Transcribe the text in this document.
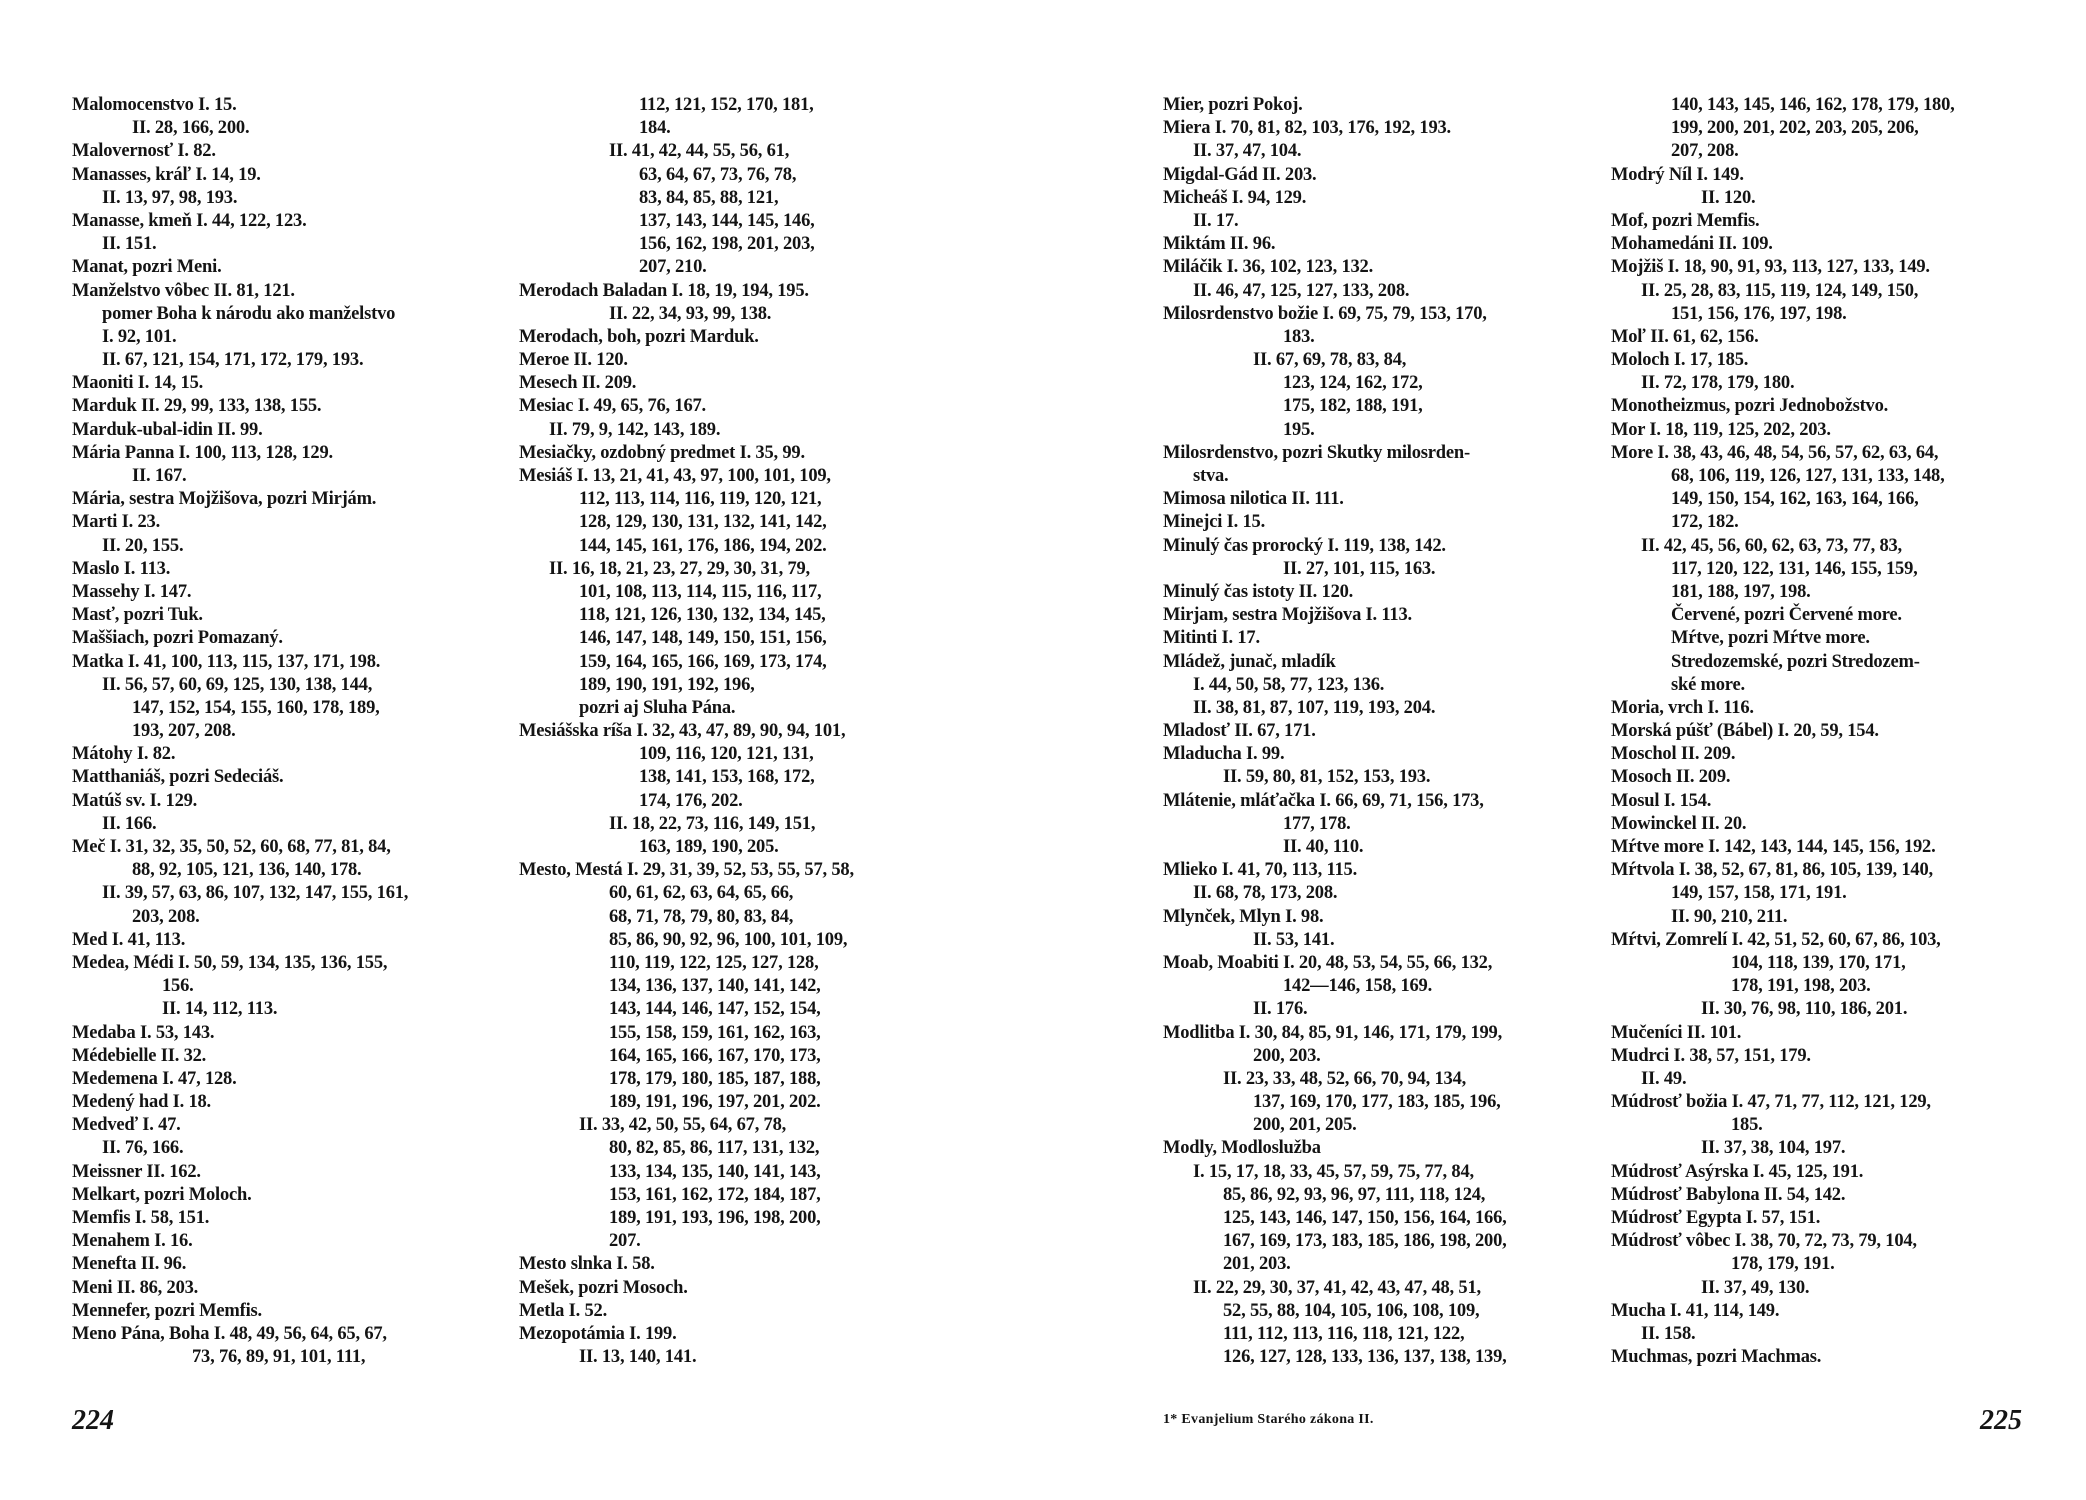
Malomocenstvo I. 15.
II. 28, 166, 200.
Malovernosť I. 82.
Manasses, kráľ I. 14, 19.
II. 13, 97, 98, 193.
Manasse, kmeň I. 44, 122, 123.
II. 151.
Manat, pozri Meni.
Manželstvo vôbec II. 81, 121.
pomer Boha k národu ako manželstvo
I. 92, 101.
II. 67, 121, 154, 171, 172, 179, 193.
Maoniti I. 14, 15.
Marduk II. 29, 99, 133, 138, 155.
Marduk-ubal-idin II. 99.
Mária Panna I. 100, 113, 128, 129.
II. 167.
Mária, sestra Mojžišova, pozri Mirjám.
Marti I. 23.
II. 20, 155.
Maslo I. 113.
Massehy I. 147.
Masť, pozri Tuk.
Maššiach, pozri Pomazaný.
Matka I. 41, 100, 113, 115, 137, 171, 198.
II. 56, 57, 60, 69, 125, 130, 138, 144,
147, 152, 154, 155, 160, 178, 189,
193, 207, 208.
Mátohy I. 82.
Matthaniáš, pozri Sedeciáš.
Matúš sv. I. 129.
II. 166.
Meč I. 31, 32, 35, 50, 52, 60, 68, 77, 81, 84,
88, 92, 105, 121, 136, 140, 178.
II. 39, 57, 63, 86, 107, 132, 147, 155, 161,
203, 208.
Med I. 41, 113.
Medea, Médi I. 50, 59, 134, 135, 136, 155,
156.
II. 14, 112, 113.
Medaba I. 53, 143.
Médebielle II. 32.
Medemena I. 47, 128.
Medený had I. 18.
Medveď I. 47.
II. 76, 166.
Meissner II. 162.
Melkart, pozri Moloch.
Memfis I. 58, 151.
Menahem I. 16.
Menefta II. 96.
Meni II. 86, 203.
Mennefer, pozri Memfis.
Meno Pána, Boha I. 48, 49, 56, 64, 65, 67,
73, 76, 89, 91, 101, 111,
112, 121, 152, 170, 181,
184.
II. 41, 42, 44, 55, 56, 61,
63, 64, 67, 73, 76, 78,
83, 84, 85, 88, 121,
137, 143, 144, 145, 146,
156, 162, 198, 201, 203,
207, 210.
Merodach Baladan I. 18, 19, 194, 195.
II. 22, 34, 93, 99, 138.
Merodach, boh, pozri Marduk.
Meroe II. 120.
Mesech II. 209.
Mesiac I. 49, 65, 76, 167.
II. 79, 9, 142, 143, 189.
Mesiačky, ozdobný predmet I. 35, 99.
Mesiáš I. 13, 21, 41, 43, 97, 100, 101, 109,
112, 113, 114, 116, 119, 120, 121,
128, 129, 130, 131, 132, 141, 142,
144, 145, 161, 176, 186, 194, 202.
II. 16, 18, 21, 23, 27, 29, 30, 31, 79,
101, 108, 113, 114, 115, 116, 117,
118, 121, 126, 130, 132, 134, 145,
146, 147, 148, 149, 150, 151, 156,
159, 164, 165, 166, 169, 173, 174,
189, 190, 191, 192, 196,
pozri aj Sluha Pána.
Mesiášska ríša I. 32, 43, 47, 89, 90, 94, 101,
109, 116, 120, 121, 131,
138, 141, 153, 168, 172,
174, 176, 202.
II. 18, 22, 73, 116, 149, 151,
163, 189, 190, 205.
Mesto, Mestá I. 29, 31, 39, 52, 53, 55, 57, 58,
60, 61, 62, 63, 64, 65, 66,
68, 71, 78, 79, 80, 83, 84,
85, 86, 90, 92, 96, 100, 101, 109,
110, 119, 122, 125, 127, 128,
134, 136, 137, 140, 141, 142,
143, 144, 146, 147, 152, 154,
155, 158, 159, 161, 162, 163,
164, 165, 166, 167, 170, 173,
178, 179, 180, 185, 187, 188,
189, 191, 196, 197, 201, 202.
II. 33, 42, 50, 55, 64, 67, 78,
80, 82, 85, 86, 117, 131, 132,
133, 134, 135, 140, 141, 143,
153, 161, 162, 172, 184, 187,
189, 191, 193, 196, 198, 200,
207.
Mesto slnka I. 58.
Mešek, pozri Mosoch.
Metla I. 52.
Mezopotámia I. 199.
II. 13, 140, 141.
224
Mier, pozri Pokoj.
Miera I. 70, 81, 82, 103, 176, 192, 193.
II. 37, 47, 104.
Migdal-Gád II. 203.
Micheáš I. 94, 129.
II. 17.
Miktám II. 96.
Miláčik I. 36, 102, 123, 132.
II. 46, 47, 125, 127, 133, 208.
Milosrdenstvo božie I. 69, 75, 79, 153, 170,
183.
II. 67, 69, 78, 83, 84,
123, 124, 162, 172,
175, 182, 188, 191,
195.
Milosrdenstvo, pozri Skutky milosrden-
stva.
Mimosa nilotica II. 111.
Minejci I. 15.
Minulý čas prorocký I. 119, 138, 142.
II. 27, 101, 115, 163.
Minulý čas istoty II. 120.
Mirjam, sestra Mojžišova I. 113.
Mitinti I. 17.
Mládež, junač, mladík
I. 44, 50, 58, 77, 123, 136.
II. 38, 81, 87, 107, 119, 193, 204.
Mladosť II. 67, 171.
Mladucha I. 99.
II. 59, 80, 81, 152, 153, 193.
Mlátenie, mláťačka I. 66, 69, 71, 156, 173,
177, 178.
II. 40, 110.
Mlieko I. 41, 70, 113, 115.
II. 68, 78, 173, 208.
Mlynček, Mlyn I. 98.
II. 53, 141.
Moab, Moabiti I. 20, 48, 53, 54, 55, 66, 132,
142—146, 158, 169.
II. 176.
Modlitba I. 30, 84, 85, 91, 146, 171, 179, 199,
200, 203.
II. 23, 33, 48, 52, 66, 70, 94, 134,
137, 169, 170, 177, 183, 185, 196,
200, 201, 205.
Modly, Modloslužba
I. 15, 17, 18, 33, 45, 57, 59, 75, 77, 84,
85, 86, 92, 93, 96, 97, 111, 118, 124,
125, 143, 146, 147, 150, 156, 164, 166,
167, 169, 173, 183, 185, 186, 198, 200,
201, 203.
II. 22, 29, 30, 37, 41, 42, 43, 47, 48, 51,
52, 55, 88, 104, 105, 106, 108, 109,
111, 112, 113, 116, 118, 121, 122,
126, 127, 128, 133, 136, 137, 138, 139,
140, 143, 145, 146, 162, 178, 179, 180,
199, 200, 201, 202, 203, 205, 206,
207, 208.
Modrý Níl I. 149.
II. 120.
Mof, pozri Memfis.
Mohamedáni II. 109.
Mojžiš I. 18, 90, 91, 93, 113, 127, 133, 149.
II. 25, 28, 83, 115, 119, 124, 149, 150,
151, 156, 176, 197, 198.
Moľ II. 61, 62, 156.
Moloch I. 17, 185.
II. 72, 178, 179, 180.
Monotheizmus, pozri Jednobožstvo.
Mor I. 18, 119, 125, 202, 203.
More I. 38, 43, 46, 48, 54, 56, 57, 62, 63, 64,
68, 106, 119, 126, 127, 131, 133, 148,
149, 150, 154, 162, 163, 164, 166,
172, 182.
II. 42, 45, 56, 60, 62, 63, 73, 77, 83,
117, 120, 122, 131, 146, 155, 159,
181, 188, 197, 198.
Červené, pozri Červené more.
Mŕtve, pozri Mŕtve more.
Stredozemské, pozri Stredozem-
ské more.
Moria, vrch I. 116.
Morská púšť (Bábel) I. 20, 59, 154.
Moschol II. 209.
Mosoch II. 209.
Mosul I. 154.
Mowinckel II. 20.
Mŕtve more I. 142, 143, 144, 145, 156, 192.
Mŕtvola I. 38, 52, 67, 81, 86, 105, 139, 140,
149, 157, 158, 171, 191.
II. 90, 210, 211.
Mŕtvi, Zomrelí I. 42, 51, 52, 60, 67, 86, 103,
104, 118, 139, 170, 171,
178, 191, 198, 203.
II. 30, 76, 98, 110, 186, 201.
Mučeníci II. 101.
Mudrci I. 38, 57, 151, 179.
II. 49.
Múdrosť božia I. 47, 71, 77, 112, 121, 129,
185.
II. 37, 38, 104, 197.
Múdrosť Asýrska I. 45, 125, 191.
Múdrosť Babylona II. 54, 142.
Múdrosť Egypta I. 57, 151.
Múdrosť vôbec I. 38, 70, 72, 73, 79, 104,
178, 179, 191.
II. 37, 49, 130.
Mucha I. 41, 114, 149.
II. 158.
Muchmas, pozri Machmas.
1* Evanjelium Starého zákona II.	225
